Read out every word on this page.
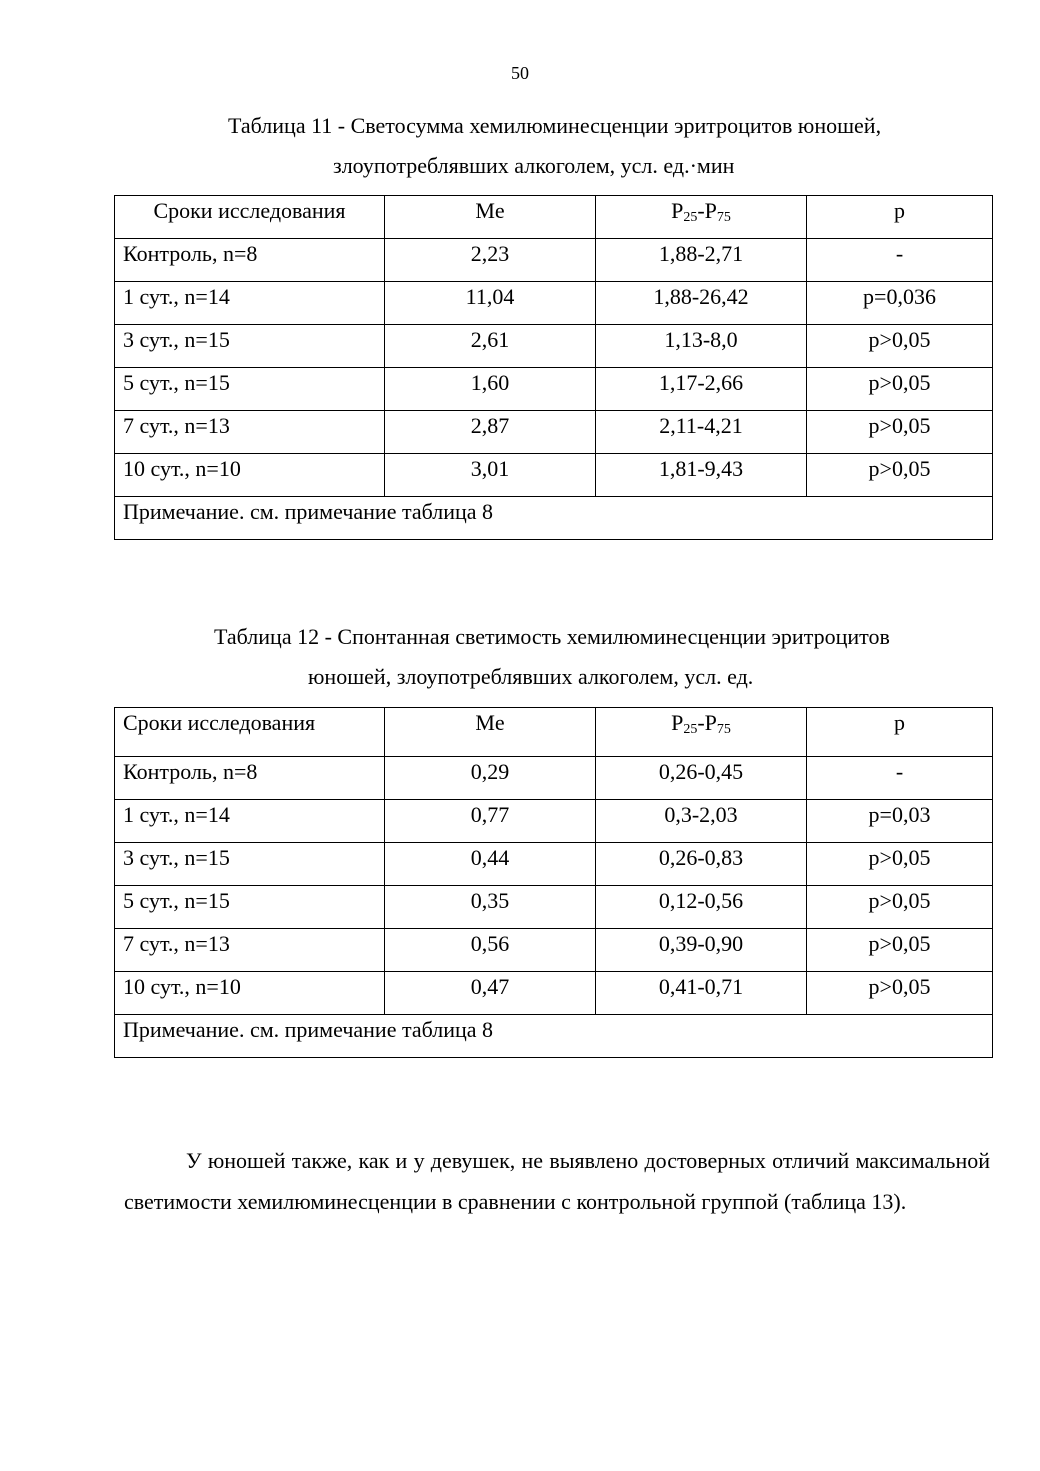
50
Таблица 11 - Светосумма хемилюминесценции эритроцитов юношей,
злоупотреблявших алкоголем, усл. ед.·мин
Сроки исследования	Me	$P_{25}-P_{75}$	p
Контроль, n=8	2,23	1,88-2,71	-
1 сут., n=14	11,04	1,88-26,42	p=0,036
3 сут., n=15	2,61	1,13-8,0	p>0,05
5 сут., n=15	1,60	1,17-2,66	p>0,05
7 сут., n=13	2,87	2,11-4,21	p>0,05
10 сут., n=10	3,01	1,81-9,43	p>0,05
Примечание. см. примечание таблица 8			
Таблица 12 - Спонтанная светимость хемилюминесценции эритроцитов
юношей, злоупотреблявших алкоголем, усл. ед.
Сроки исследования	Me	$P_{25}-P_{75}$	p
Контроль, n=8	0,29	0,26-0,45	-
1 сут., n=14	0,77	0,3-2,03	p=0,03
3 сут., n=15	0,44	0,26-0,83	p>0,05
5 сут., n=15	0,35	0,12-0,56	p>0,05
7 сут., n=13	0,56	0,39-0,90	p>0,05
10 сут., n=10	0,47	0,41-0,71	p>0,05
Примечание. см. примечание таблица 8			
У юношей также, как и у девушек, не выявлено достоверных отличий максимальной светимости хемилюминесценции в сравнении с контрольной группой (таблица 13).
